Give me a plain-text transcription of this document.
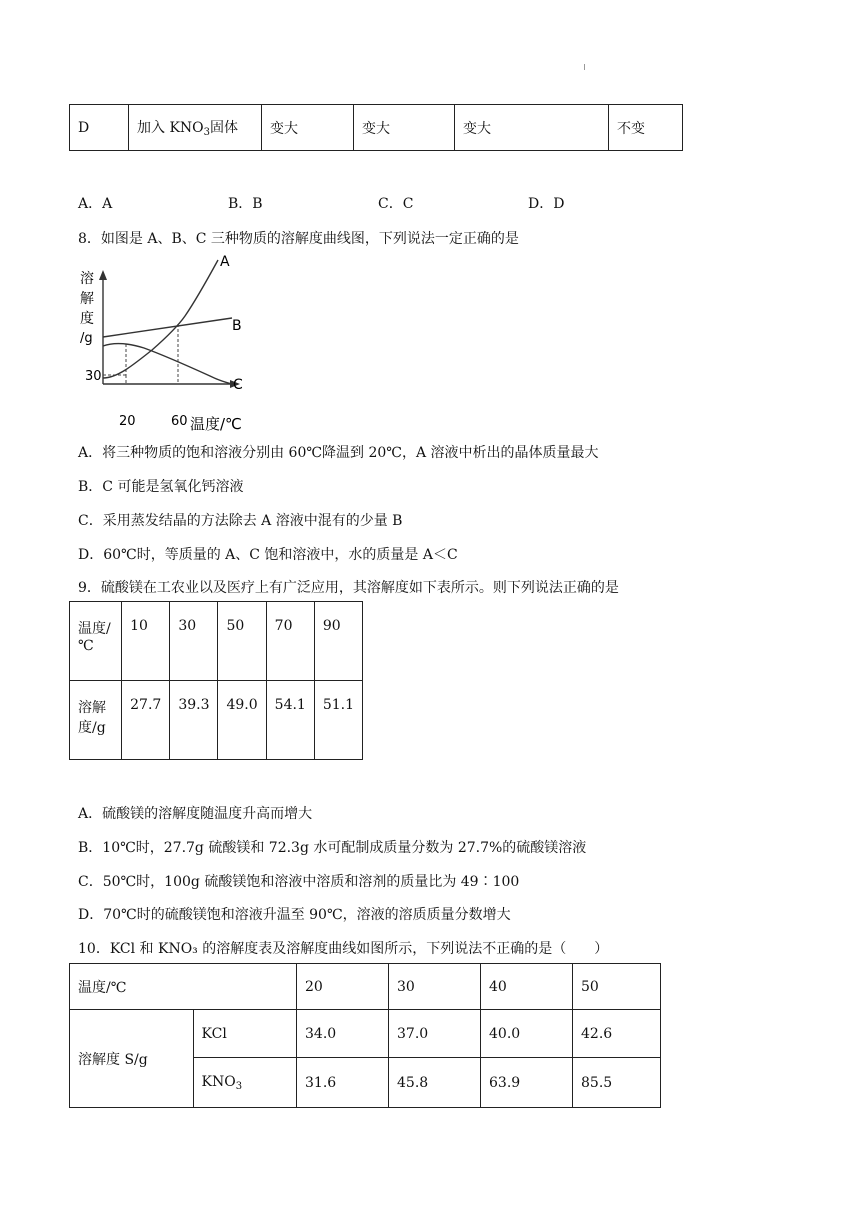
D	加入 $KNO_3$固体	变大	变大	变大	不变
A．A	B．B	C．C	D．D
8．如图是 A、B、C 三种物质的溶解度曲线图，下列说法一定正确的是
溶
解
度
/g
30
20	60 温度/℃
A
B
C
A．将三种物质的饱和溶液分别由 60℃降温到 20℃，A 溶液中析出的晶体质量最大
B．C 可能是氢氧化钙溶液
C．采用蒸发结晶的方法除去 A 溶液中混有的少量 B
D．60℃时，等质量的 A、C 饱和溶液中，水的质量是 A＜C
9．硫酸镁在工农业以及医疗上有广泛应用，其溶解度如下表所示。则下列说法正确的是
温度/℃	10	30	50	70	90
溶解度/g	27.7	39.3	49.0	54.1	51.1
A．硫酸镁的溶解度随温度升高而增大
B．10℃时，27.7g 硫酸镁和 72.3g 水可配制成质量分数为 27.7%的硫酸镁溶液
C．50℃时，100g 硫酸镁饱和溶液中溶质和溶剂的质量比为 49∶100
D．70℃时的硫酸镁饱和溶液升温至 90℃，溶液的溶质质量分数增大
10．KCl 和 KNO₃ 的溶解度表及溶解度曲线如图所示，下列说法不正确的是（　　）
温度/℃		20	30	40	50
溶解度 S/g	KCl	34.0	37.0	40.0	42.6
	$KNO_3$	31.6	45.8	63.9	85.5
